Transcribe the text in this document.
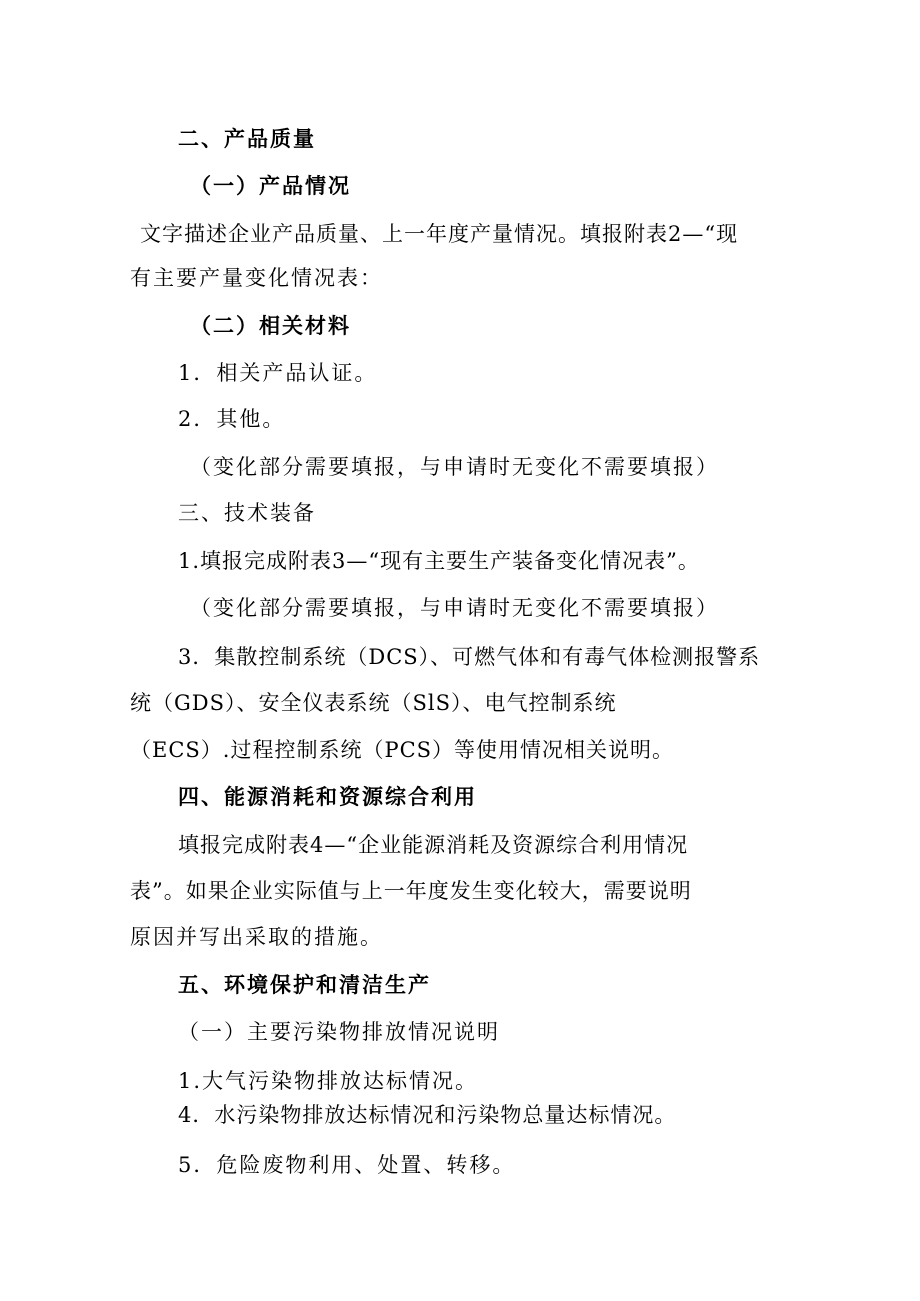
二、产品质量
（一）产品情况
文字描述企业产品质量、上一年度产量情况。填报附表2—“现
有主要产量变化情况表：
（二）相关材料
1．相关产品认证。
2．其他。
（变化部分需要填报，与申请时无变化不需要填报）
三、技术装备
1.填报完成附表3—“现有主要生产装备变化情况表”。
（变化部分需要填报，与申请时无变化不需要填报）
3．集散控制系统（DCS）、可燃气体和有毒气体检测报警系
统（GDS）、安全仪表系统（SlS）、电气控制系统
（ECS）.过程控制系统（PCS）等使用情况相关说明。
四、能源消耗和资源综合利用
填报完成附表4—“企业能源消耗及资源综合利用情况
表”。如果企业实际值与上一年度发生变化较大，需要说明
原因并写出采取的措施。
五、环境保护和清洁生产
（一）主要污染物排放情况说明
1.大气污染物排放达标情况。
4．水污染物排放达标情况和污染物总量达标情况。
5．危险废物利用、处置、转移。
